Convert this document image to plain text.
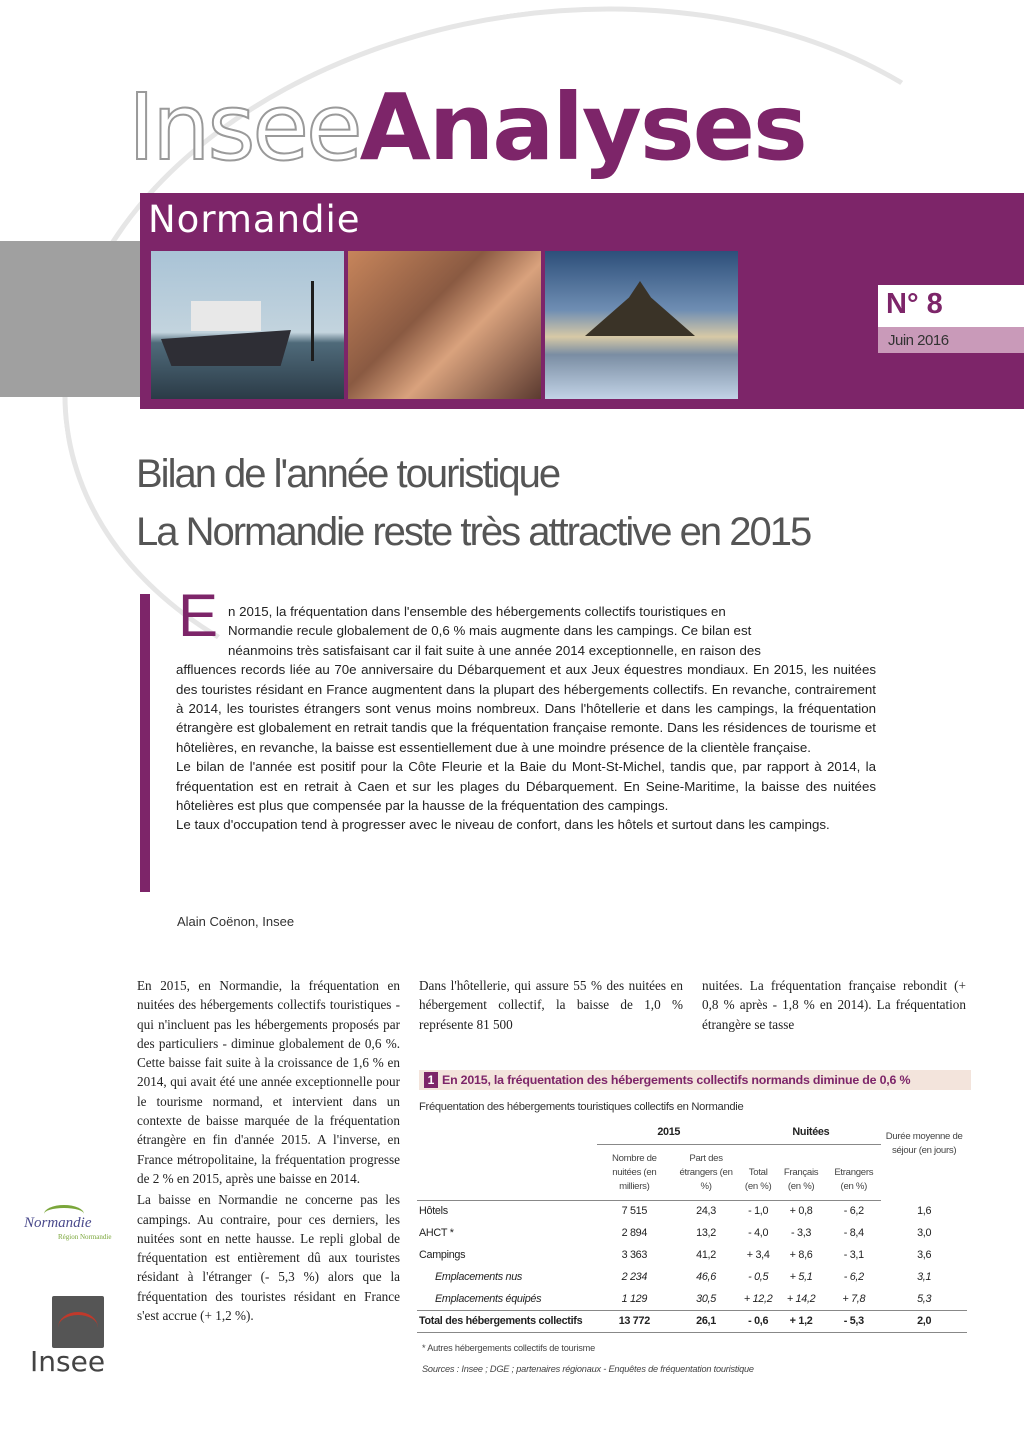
InseeAnalyses
Normandie
N° 8
Juin 2016
Bilan de l'année touristique
La Normandie reste très attractive en 2015
E n 2015, la fréquentation dans l'ensemble des hébergements collectifs touristiques en
Normandie recule globalement de 0,6 % mais augmente dans les campings. Ce bilan est
néanmoins très satisfaisant car il fait suite à une année 2014 exceptionnelle, en raison des

affluences records liée au 70e anniversaire du Débarquement et aux Jeux équestres mondiaux. En 2015, les nuitées des touristes résidant en France augmentent dans la plupart des hébergements collectifs. En revanche, contrairement à 2014, les touristes étrangers sont venus moins nombreux. Dans l'hôtellerie et dans les campings, la fréquentation étrangère est globalement en retrait tandis que la fréquentation française remonte. Dans les résidences de tourisme et hôtelières, en revanche, la baisse est essentiellement due à une moindre présence de la clientèle française.

Le bilan de l'année est positif pour la Côte Fleurie et la Baie du Mont-St-Michel, tandis que, par rapport à 2014, la fréquentation est en retrait à Caen et sur les plages du Débarquement. En Seine-Maritime, la baisse des nuitées hôtelières est plus que compensée par la hausse de la fréquentation des campings.

Le taux d'occupation tend à progresser avec le niveau de confort, dans les hôtels et surtout dans les campings.

Alain Coënon, Insee

En 2015, en Normandie, la fréquentation en nuitées des hébergements collectifs touristiques - qui n'incluent pas les hébergements proposés par des particuliers - diminue globalement de 0,6 %. Cette baisse fait suite à la croissance de 1,6 % en 2014, qui avait été une année exceptionnelle pour le tourisme normand, et intervient dans un contexte de baisse marquée de la fréquentation étrangère en fin d'année 2015. A l'inverse, en France métropolitaine, la fréquentation progresse de 2 % en 2015, après une baisse en 2014.

La baisse en Normandie ne concerne pas les campings. Au contraire, pour ces derniers, les nuitées sont en nette hausse. Le repli global de fréquentation est entièrement dû aux touristes résidant à l'étranger (- 5,3 %) alors que la fréquentation des touristes résidant en France s'est accrue (+ 1,2 %).

Dans l'hôtellerie, qui assure 55 % des nuitées en hébergement collectif, la baisse de 1,0 % représente 81 500

nuitées. La fréquentation française rebondit (+ 0,8 % après - 1,8 % en 2014). La fréquentation étrangère se tasse

1 En 2015, la fréquentation des hébergements collectifs normands diminue de 0,6 %
Fréquentation des hébergements touristiques collectifs en Normandie
	2015		Nuitées			Durée moyenne de séjour (en jours)
	Nombre de nuitées (en milliers)	Part des étrangers (en %)	Total (en %)	Français (en %)	Etrangers (en %)	
Hôtels	7 515	24,3	- 1,0	+ 0,8	- 6,2	1,6
AHCT *	2 894	13,2	- 4,0	- 3,3	- 8,4	3,0
Campings	3 363	41,2	+ 3,4	+ 8,6	- 3,1	3,6
Emplacements nus	2 234	46,6	- 0,5	+ 5,1	- 6,2	3,1
Emplacements équipés	1 129	30,5	+ 12,2	+ 14,2	+ 7,8	5,3
Total des hébergements collectifs	13 772	26,1	- 0,6	+ 1,2	- 5,3	2,0
* Autres hébergements collectifs de tourisme
Sources : Insee ; DGE ; partenaires régionaux - Enquêtes de fréquentation touristique
Normandie
Région Normandie
Insee
